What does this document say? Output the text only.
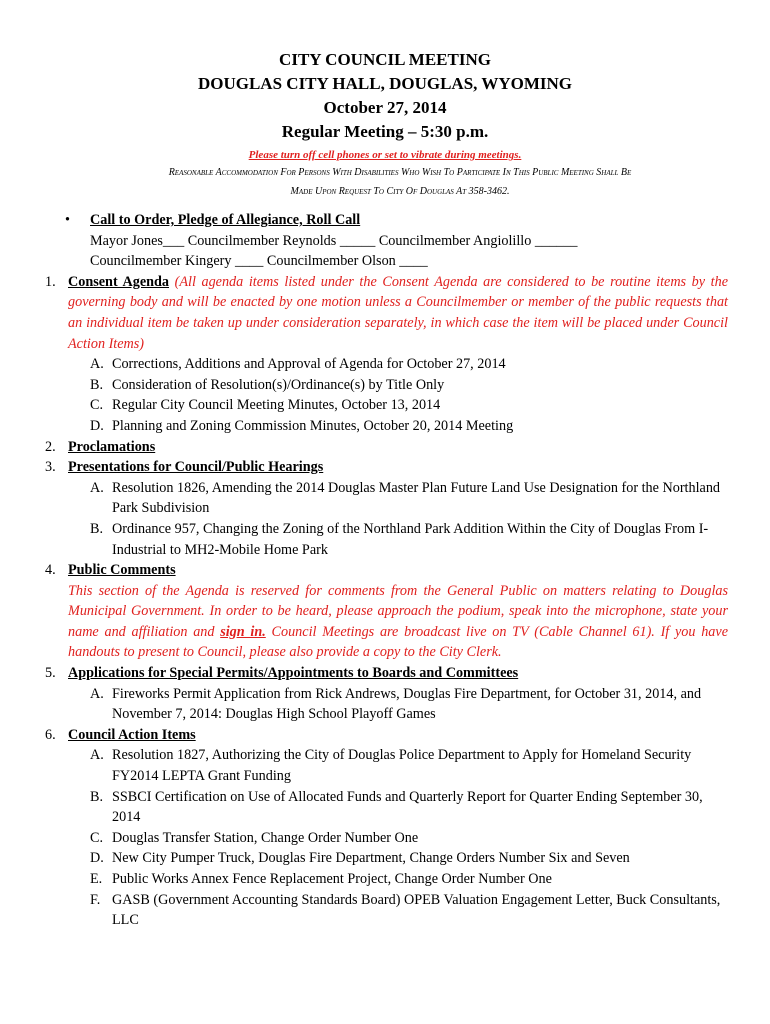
CITY COUNCIL MEETING
DOUGLAS CITY HALL, DOUGLAS, WYOMING
October 27, 2014
Regular Meeting – 5:30 p.m.
Please turn off cell phones or set to vibrate during meetings.
Reasonable Accommodation For Persons With Disabilities Who Wish To Participate In This Public Meeting Shall Be
Made Upon Request To City Of Douglas At 358-3462.
• Call to Order, Pledge of Allegiance, Roll Call
Mayor Jones___ Councilmember Reynolds _____ Councilmember Angiolillo ______
Councilmember Kingery ____ Councilmember Olson ____
1. Consent Agenda (All agenda items listed under the Consent Agenda are considered to be routine items by the governing body and will be enacted by one motion unless a Councilmember or member of the public requests that an individual item be taken up under consideration separately, in which case the item will be placed under Council Action Items)
A. Corrections, Additions and Approval of Agenda for October 27, 2014
B. Consideration of Resolution(s)/Ordinance(s) by Title Only
C. Regular City Council Meeting Minutes, October 13, 2014
D. Planning and Zoning Commission Minutes, October 20, 2014 Meeting
2. Proclamations
3. Presentations for Council/Public Hearings
A. Resolution 1826, Amending the 2014 Douglas Master Plan Future Land Use Designation for the Northland Park Subdivision
B. Ordinance 957, Changing the Zoning of the Northland Park Addition Within the City of Douglas From I-Industrial to MH2-Mobile Home Park
4. Public Comments
This section of the Agenda is reserved for comments from the General Public on matters relating to Douglas Municipal Government. In order to be heard, please approach the podium, speak into the microphone, state your name and affiliation and sign in. Council Meetings are broadcast live on TV (Cable Channel 61). If you have handouts to present to Council, please also provide a copy to the City Clerk.
5. Applications for Special Permits/Appointments to Boards and Committees
A. Fireworks Permit Application from Rick Andrews, Douglas Fire Department, for October 31, 2014, and November 7, 2014: Douglas High School Playoff Games
6. Council Action Items
A. Resolution 1827, Authorizing the City of Douglas Police Department to Apply for Homeland Security FY2014 LEPTA Grant Funding
B. SSBCI Certification on Use of Allocated Funds and Quarterly Report for Quarter Ending September 30, 2014
C. Douglas Transfer Station, Change Order Number One
D. New City Pumper Truck, Douglas Fire Department, Change Orders Number Six and Seven
E. Public Works Annex Fence Replacement Project, Change Order Number One
F. GASB (Government Accounting Standards Board) OPEB Valuation Engagement Letter, Buck Consultants, LLC
